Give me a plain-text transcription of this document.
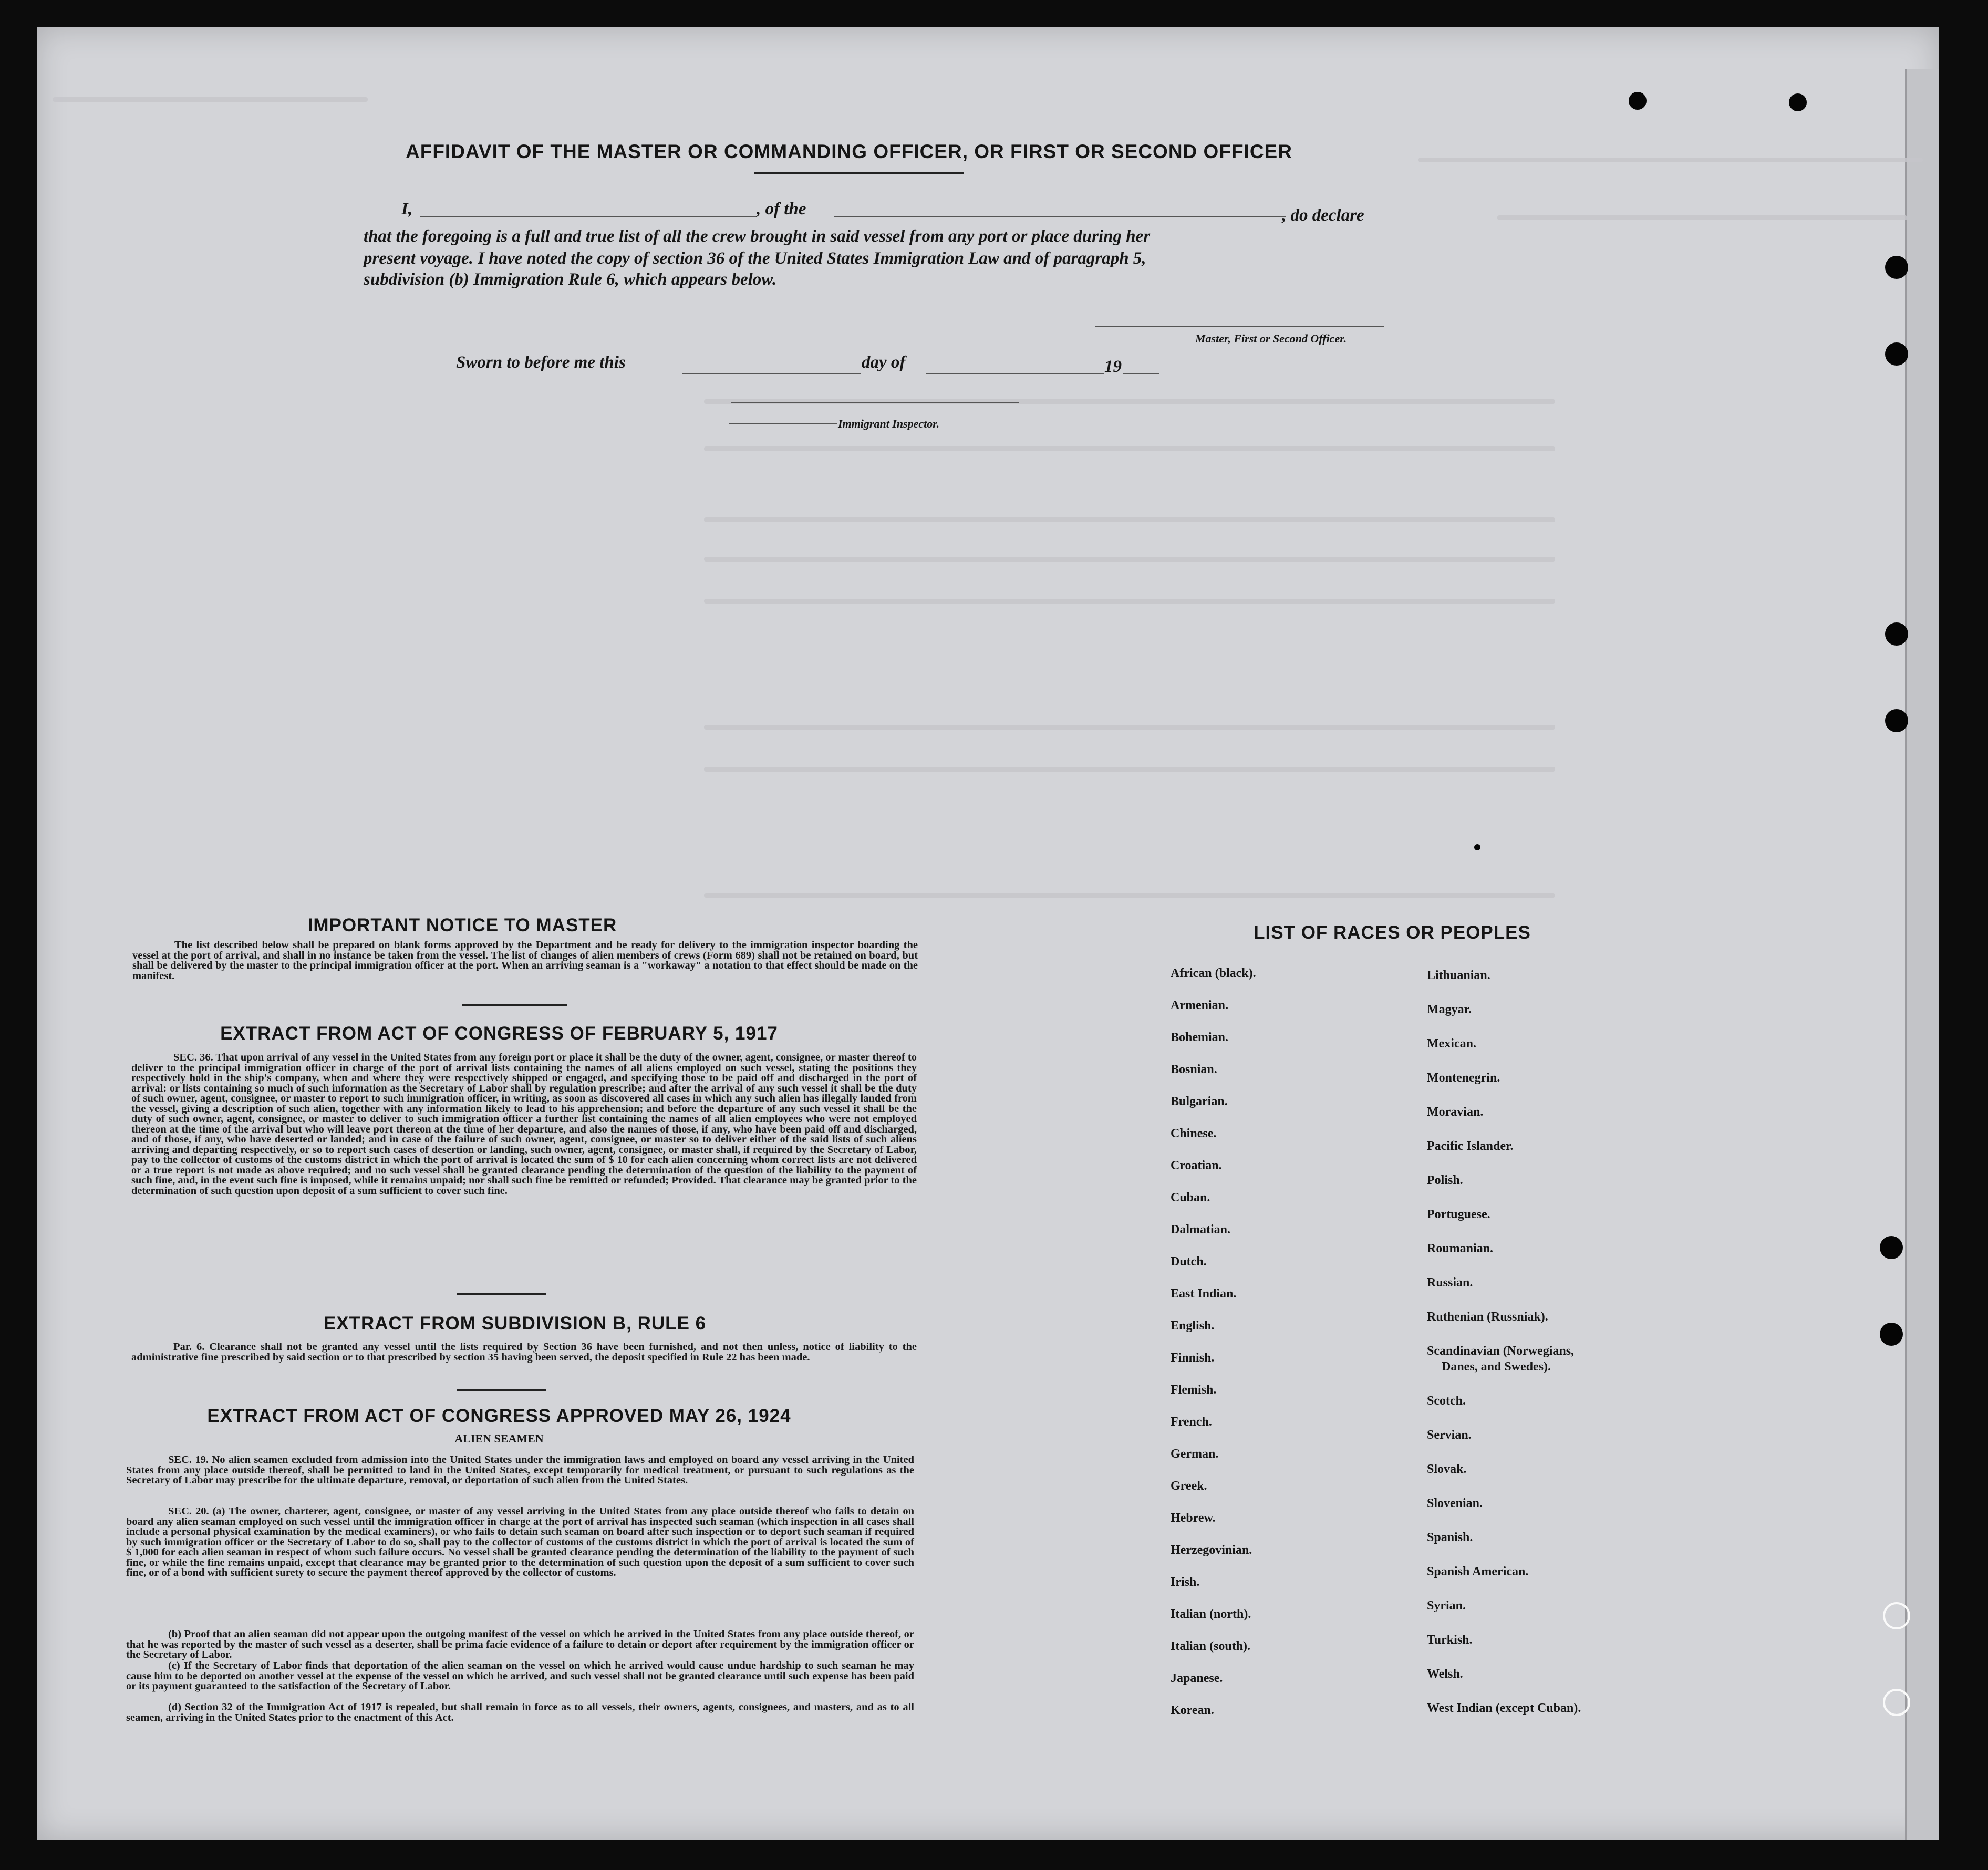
AFFIDAVIT OF THE MASTER OR COMMANDING OFFICER, OR FIRST OR SECOND OFFICER
I,	, of the	, do declare
that the foregoing is a full and true list of all the crew brought in said vessel from any port or place during her
present voyage. I have noted the copy of section 36 of the United States Immigration Law and of paragraph 5,
subdivision (b) Immigration Rule 6, which appears below.
Master, First or Second Officer.
Sworn to before me this	day of	19
Immigrant Inspector.
IMPORTANT NOTICE TO MASTER
The list described below shall be prepared on blank forms approved by the Department and be ready for delivery to the immigration inspector boarding the vessel at the port of arrival, and shall in no instance be taken from the vessel. The list of changes of alien members of crews (Form 689) shall not be retained on board, but shall be delivered by the master to the principal immigration officer at the port. When an arriving seaman is a "workaway" a notation to that effect should be made on the manifest.
EXTRACT FROM ACT OF CONGRESS OF FEBRUARY 5, 1917
SEC. 36. That upon arrival of any vessel in the United States from any foreign port or place it shall be the duty of the owner, agent, consignee, or master thereof to deliver to the principal immigration officer in charge of the port of arrival lists containing the names of all aliens employed on such vessel, stating the positions they respectively hold in the ship's company, when and where they were respectively shipped or engaged, and specifying those to be paid off and discharged in the port of arrival: or lists containing so much of such information as the Secretary of Labor shall by regulation prescribe; and after the arrival of any such vessel it shall be the duty of such owner, agent, consignee, or master to report to such immigration officer, in writing, as soon as discovered all cases in which any such alien has illegally landed from the vessel, giving a description of such alien, together with any information likely to lead to his apprehension; and before the departure of any such vessel it shall be the duty of such owner, agent, consignee, or master to deliver to such immigration officer a further list containing the names of all alien employees who were not employed thereon at the time of the arrival but who will leave port thereon at the time of her departure, and also the names of those, if any, who have been paid off and discharged, and of those, if any, who have deserted or landed; and in case of the failure of such owner, agent, consignee, or master so to deliver either of the said lists of such aliens arriving and departing respectively, or so to report such cases of desertion or landing, such owner, agent, consignee, or master shall, if required by the Secretary of Labor, pay to the collector of customs of the customs district in which the port of arrival is located the sum of $ 10 for each alien concerning whom correct lists are not delivered or a true report is not made as above required; and no such vessel shall be granted clearance pending the determination of the question of the liability to the payment of such fine, and, in the event such fine is imposed, while it remains unpaid; nor shall such fine be remitted or refunded; Provided. That clearance may be granted prior to the determination of such question upon deposit of a sum sufficient to cover such fine.
EXTRACT FROM SUBDIVISION B, RULE 6
Par. 6. Clearance shall not be granted any vessel until the lists required by Section 36 have been furnished, and not then unless, notice of liability to the administrative fine prescribed by said section or to that prescribed by section 35 having been served, the deposit specified in Rule 22 has been made.
EXTRACT FROM ACT OF CONGRESS APPROVED MAY 26, 1924
ALIEN SEAMEN
SEC. 19. No alien seamen excluded from admission into the United States under the immigration laws and employed on board any vessel arriving in the United States from any place outside thereof, shall be permitted to land in the United States, except temporarily for medical treatment, or pursuant to such regulations as the Secretary of Labor may prescribe for the ultimate departure, removal, or deportation of such alien from the United States.
SEC. 20. (a) The owner, charterer, agent, consignee, or master of any vessel arriving in the United States from any place outside thereof who fails to detain on board any alien seaman employed on such vessel until the immigration officer in charge at the port of arrival has inspected such seaman (which inspection in all cases shall include a personal physical examination by the medical examiners), or who fails to detain such seaman on board after such inspection or to deport such seaman if required by such immigration officer or the Secretary of Labor to do so, shall pay to the collector of customs of the customs district in which the port of arrival is located the sum of $ 1,000 for each alien seaman in respect of whom such failure occurs. No vessel shall be granted clearance pending the determination of the liability to the payment of such fine, or while the fine remains unpaid, except that clearance may be granted prior to the determination of such question upon the deposit of a sum sufficient to cover such fine, or of a bond with sufficient surety to secure the payment thereof approved by the collector of customs.
(b) Proof that an alien seaman did not appear upon the outgoing manifest of the vessel on which he arrived in the United States from any place outside thereof, or that he was reported by the master of such vessel as a deserter, shall be prima facie evidence of a failure to detain or deport after requirement by the immigration officer or the Secretary of Labor.
(c) If the Secretary of Labor finds that deportation of the alien seaman on the vessel on which he arrived would cause undue hardship to such seaman he may cause him to be deported on another vessel at the expense of the vessel on which he arrived, and such vessel shall not be granted clearance until such expense has been paid or its payment guaranteed to the satisfaction of the Secretary of Labor.
(d) Section 32 of the Immigration Act of 1917 is repealed, but shall remain in force as to all vessels, their owners, agents, consignees, and masters, and as to all seamen, arriving in the United States prior to the enactment of this Act.
LIST OF RACES OR PEOPLES
African (black).
Armenian.
Bohemian.
Bosnian.
Bulgarian.
Chinese.
Croatian.
Cuban.
Dalmatian.
Dutch.
East Indian.
English.
Finnish.
Flemish.
French.
German.
Greek.
Hebrew.
Herzegovinian.
Irish.
Italian (north).
Italian (south).
Japanese.
Korean.
Lithuanian.
Magyar.
Mexican.
Montenegrin.
Moravian.
Pacific Islander.
Polish.
Portuguese.
Roumanian.
Russian.
Ruthenian (Russniak).
Scandinavian (Norwegians,
Danes, and Swedes).
Scotch.
Servian.
Slovak.
Slovenian.
Spanish.
Spanish American.
Syrian.
Turkish.
Welsh.
West Indian (except Cuban).
